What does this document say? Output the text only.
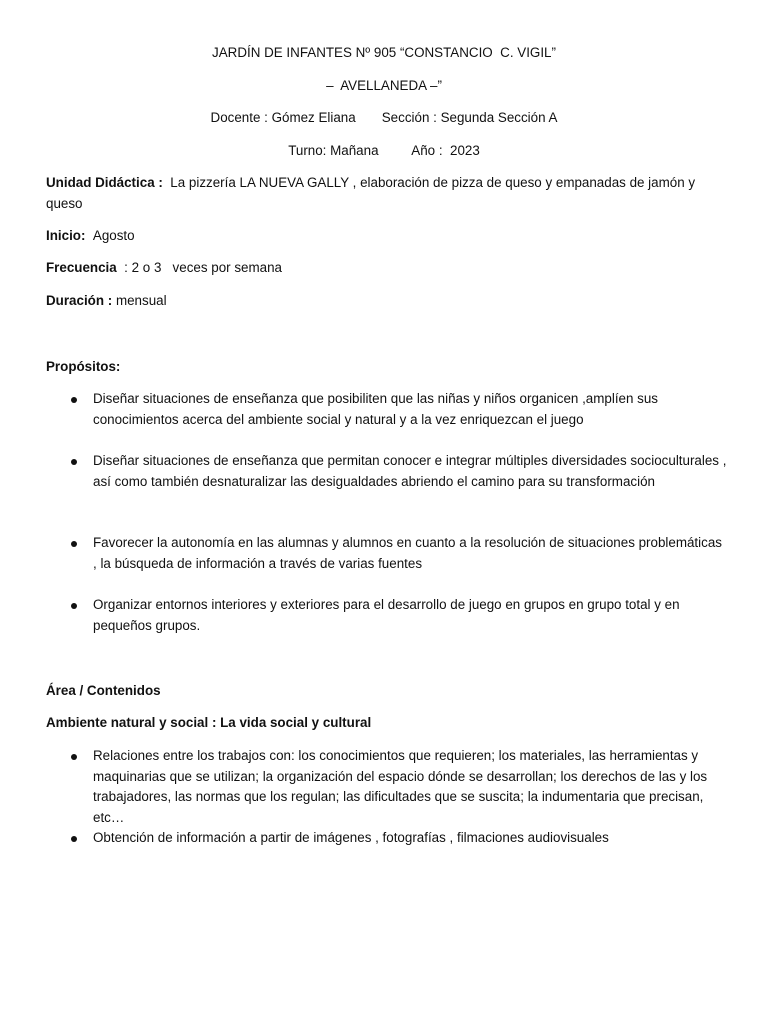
JARDÍN DE INFANTES Nº 905 “CONSTANCIO  C. VIGIL”
–  AVELLANEDA –”
Docente : Gómez Eliana Sección : Segunda Sección A
Turno: Mañana Año :  2023
Unidad Didáctica : La pizzería LA NUEVA GALLY , elaboración de pizza de queso y empanadas de jamón y queso
Inicio: Agosto
Frecuencia : 2 o 3   veces por semana
Duración : mensual
Propósitos:
Diseñar situaciones de enseñanza que posibiliten que las niñas y niños organicen ,amplíen sus conocimientos acerca del ambiente social y natural y a la vez enriquezcan el juego
Diseñar situaciones de enseñanza que permitan conocer e integrar múltiples diversidades socioculturales , así como también desnaturalizar las desigualdades abriendo el camino para su transformación
Favorecer la autonomía en las alumnas y alumnos en cuanto a la resolución de situaciones problemáticas , la búsqueda de información a través de varias fuentes
Organizar entornos interiores y exteriores para el desarrollo de juego en grupos en grupo total y en pequeños grupos.
Área / Contenidos
Ambiente natural y social : La vida social y cultural
Relaciones entre los trabajos con: los conocimientos que requieren; los materiales, las herramientas y maquinarias que se utilizan; la organización del espacio dónde se desarrollan; los derechos de las y los trabajadores, las normas que los regulan; las dificultades que se suscita; la indumentaria que precisan, etc…
Obtención de información a partir de imágenes , fotografías , filmaciones audiovisuales
